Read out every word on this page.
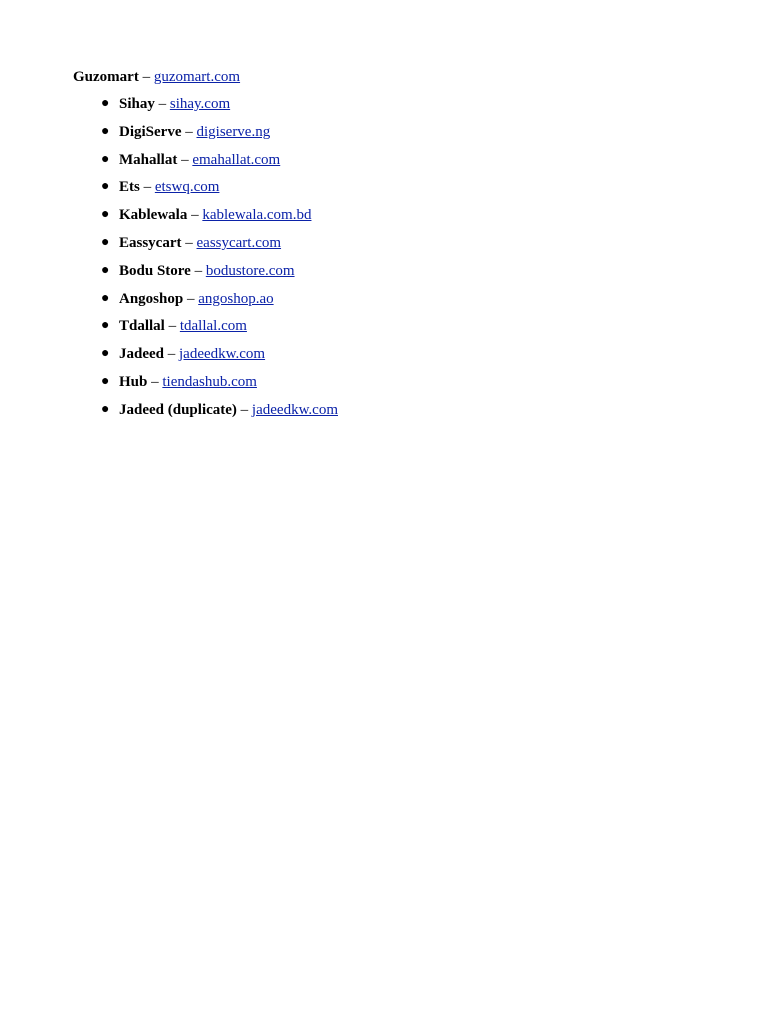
Guzomart – guzomart.com
● Sihay – sihay.com
● DigiServe – digiserve.ng
● Mahallat – emahallat.com
● Ets – etswq.com
● Kablewala – kablewala.com.bd
● Eassycart – eassycart.com
● Bodu Store – bodustore.com
● Angoshop – angoshop.ao
● Tdallal – tdallal.com
● Jadeed – jadeedkw.com
● Hub – tiendashub.com
● Jadeed (duplicate) – jadeedkw.com
